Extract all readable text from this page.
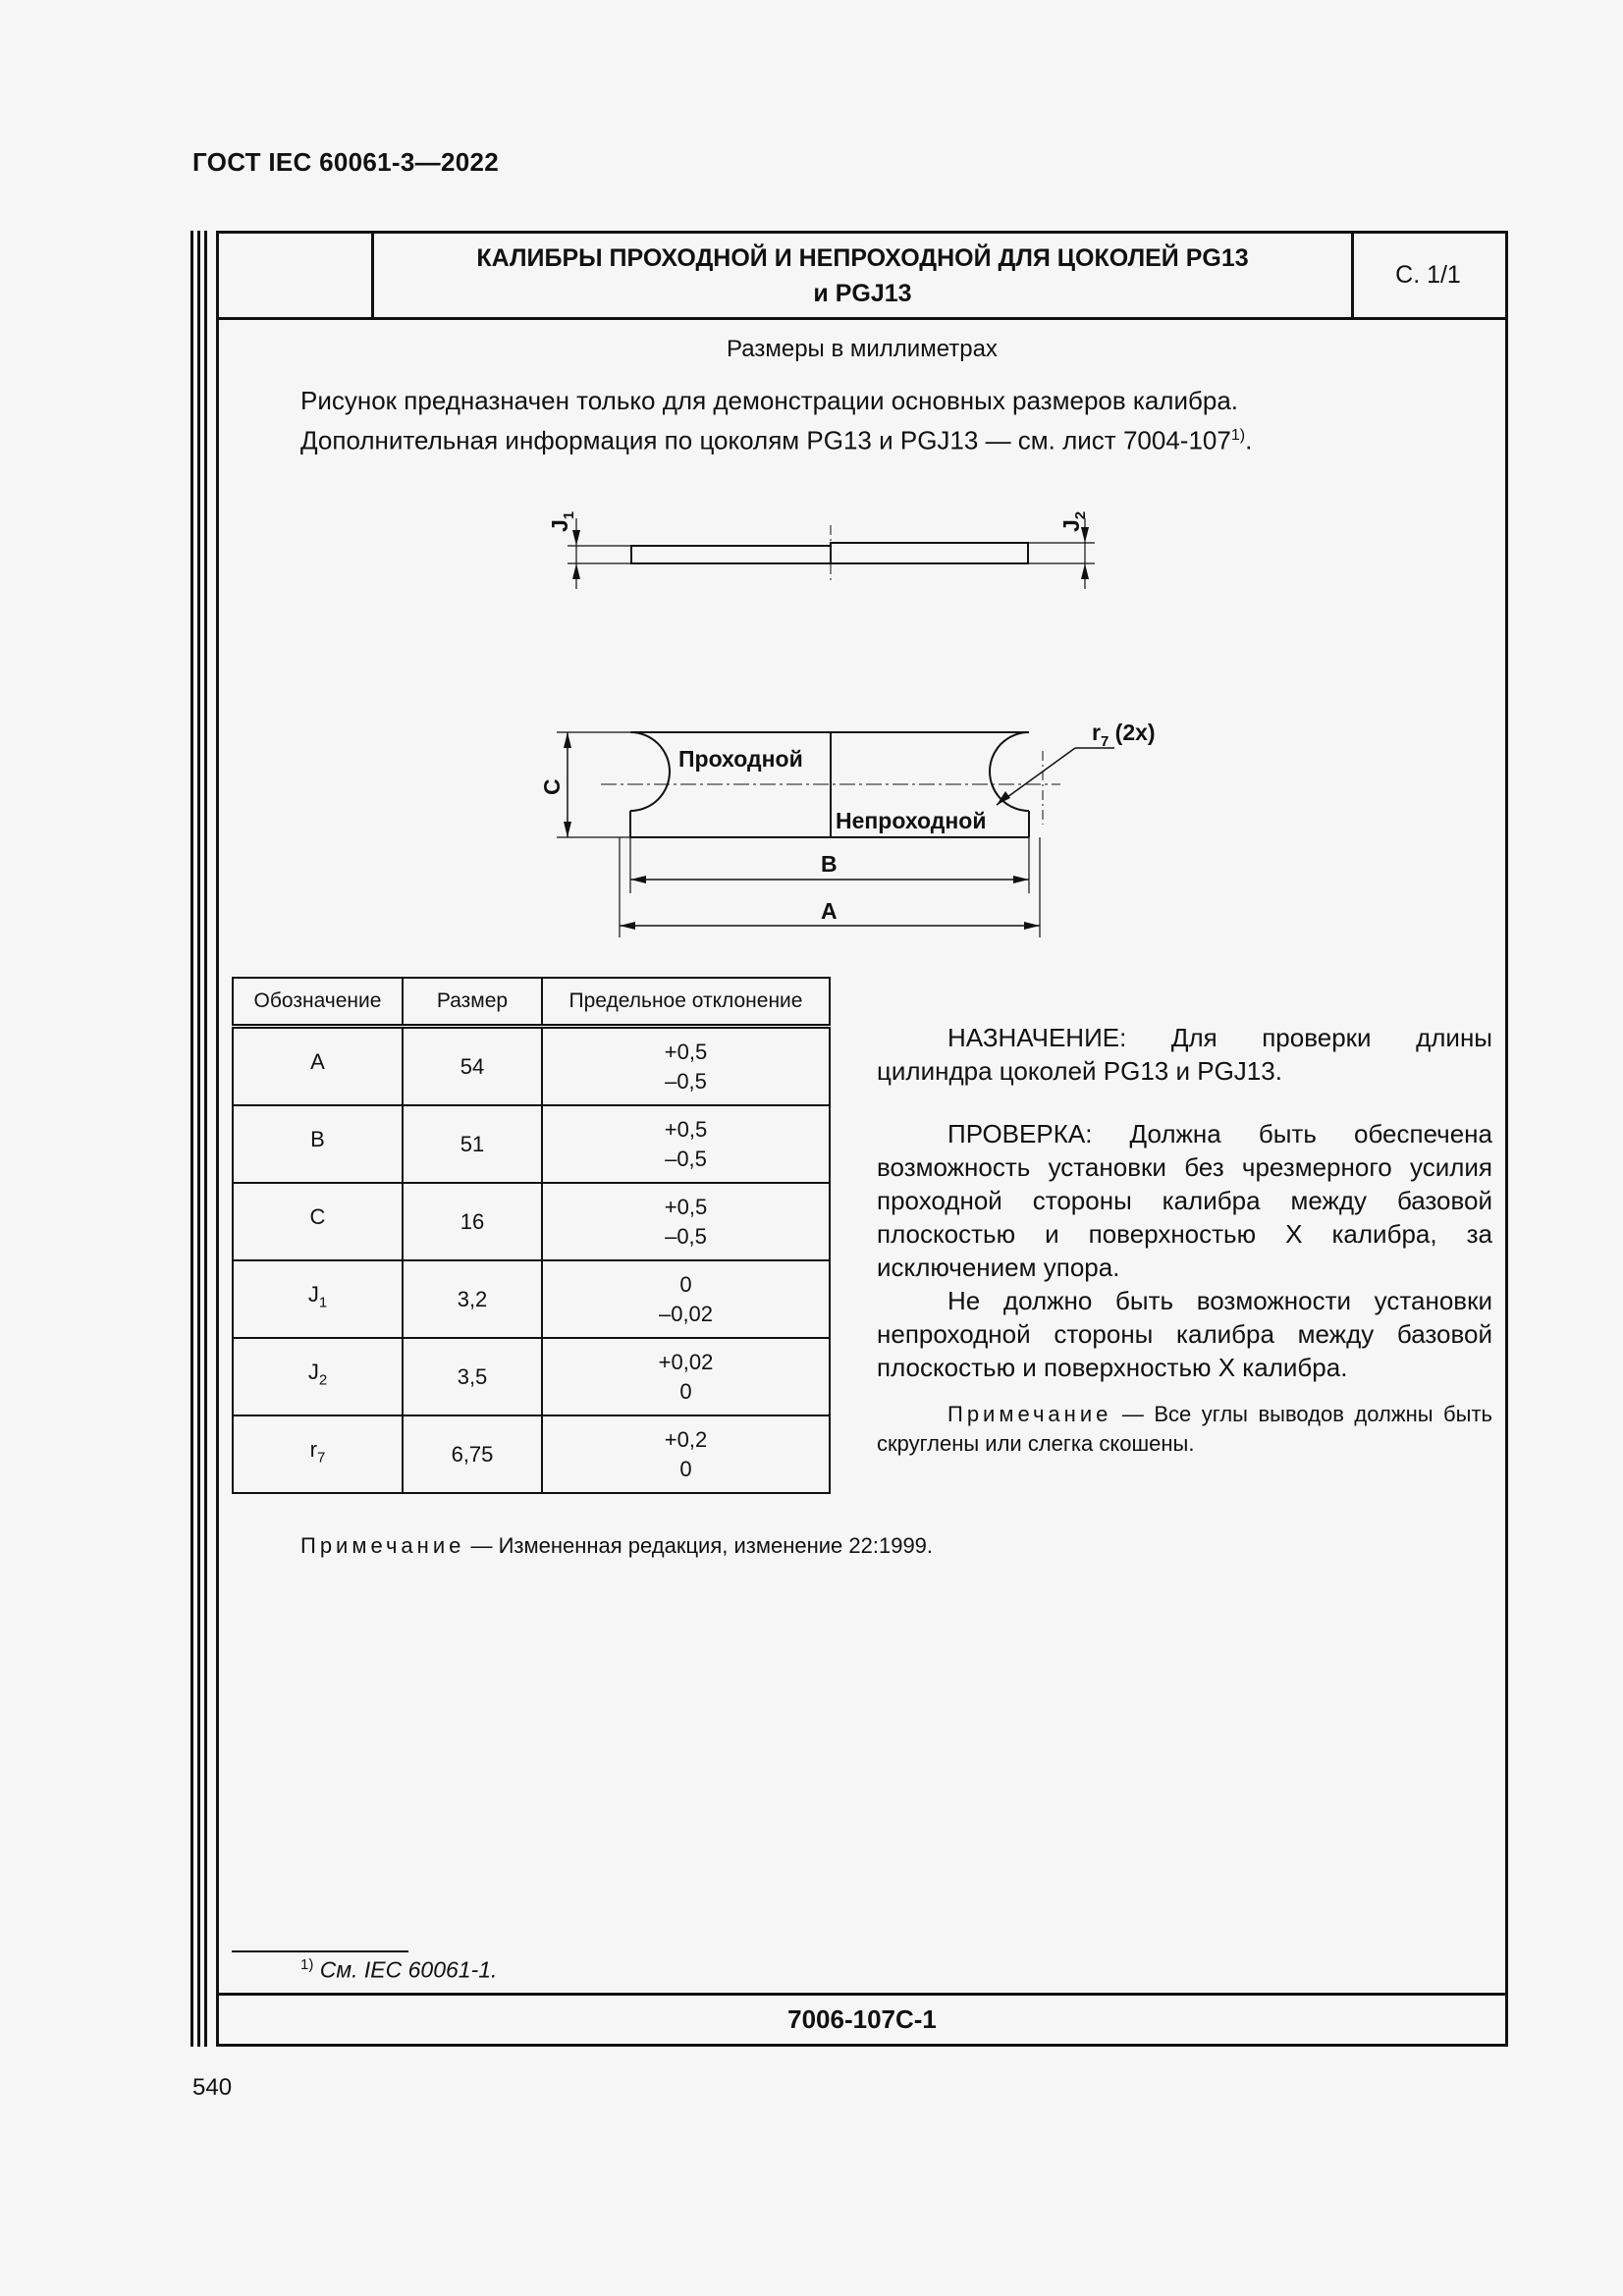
ГОСТ IEC 60061-3—2022
КАЛИБРЫ ПРОХОДНОЙ И НЕПРОХОДНОЙ ДЛЯ ЦОКОЛЕЙ PG13
и PGJ13
С. 1/1
7006-107C-1
Размеры в миллиметрах
Рисунок предназначен только для демонстрации основных размеров калибра.
Дополнительная информация по цоколям PG13 и PGJ13 — см. лист 7004-107$^{1)}$.
$J_1$
$J_2$
C
Проходной
Непроходной
$r_7$ (2x)
B
A
Обозначение	Размер	Предельное отклонение
A	54	+0,5
–0,5

B	51	+0,5
–0,5

C	16	+0,5
–0,5

$J_1$	3,2	0
–0,02

$J_2$	3,5	+0,02
0

$r_7$	6,75	+0,2
0

НАЗНАЧЕНИЕ: Для проверки длины цилиндра цоколей PG13 и PGJ13.

ПРОВЕРКА: Должна быть обеспечена возможность установки без чрезмерного усилия проходной стороны калибра между базовой плоскостью и поверхностью X калибра, за исключением упора.

Не должно быть возможности установки непроходной стороны калибра между базовой плоскостью и поверхностью X калибра.

Примечание — Все углы выводов должны быть скруглены или слегка скошены.
Примечание — Измененная редакция, изменение 22:1999.
$^{1)}$ См. IEC 60061-1.
540
